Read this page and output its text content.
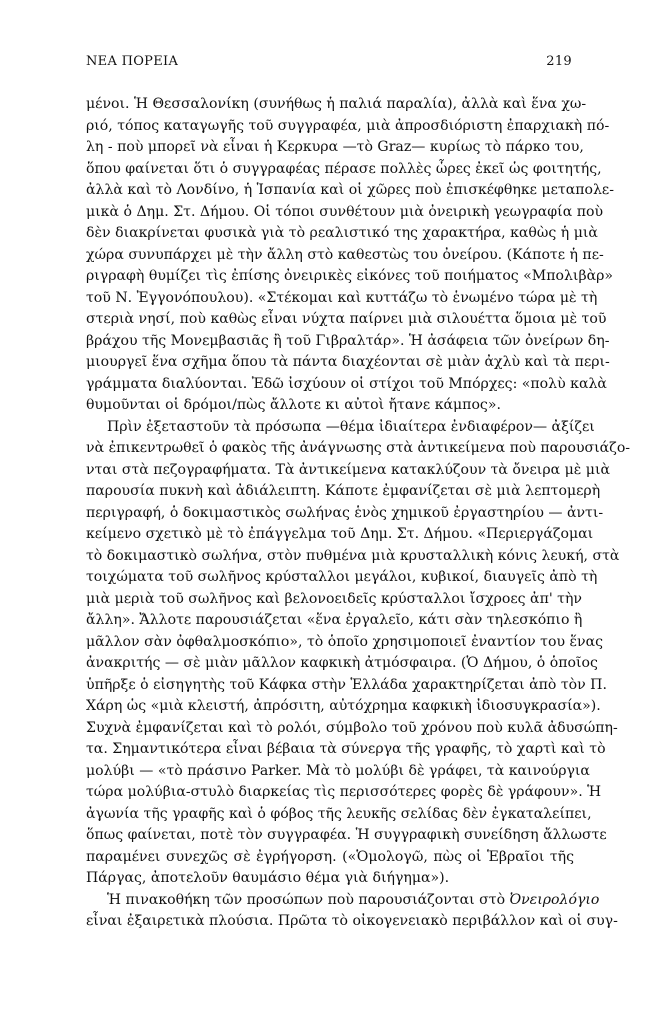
ΝΕΑ ΠΟΡΕΙΑ	219
μένοι. Ἡ Θεσσαλονίκη (συνήθως ἡ παλιά παραλία), ἀλλὰ καὶ ἕνα χω-
ριό, τόπος καταγωγῆς τοῦ συγγραφέα, μιὰ ἀπροσδιόριστη ἐπαρχιακὴ πό-
λη - ποὺ μπορεῖ νὰ εἶναι ἡ Κερκυρα —τὸ Graz— κυρίως τὸ πάρκο του,
ὅπου φαίνεται ὅτι ὁ συγγραφέας πέρασε πολλὲς ὧρες ἐκεῖ ὡς φοιτητής,
ἀλλὰ καὶ τὸ Λονδίνο, ἡ Ἱσπανία καὶ οἱ χῶρες ποὺ ἐπισκέφθηκε μεταπολε-
μικὰ ὁ Δημ. Στ. Δήμου. Οἱ τόποι συνθέτουν μιὰ ὀνειρικὴ γεωγραφία ποὺ
δὲν διακρίνεται φυσικὰ γιὰ τὸ ρεαλιστικό της χαρακτήρα, καθὼς ἡ μιὰ
χώρα συνυπάρχει μὲ τὴν ἄλλη στὸ καθεστὼς του ὀνείρου. (Κάποτε ἡ πε-
ριγραφὴ θυμίζει τὶς ἐπίσης ὀνειρικὲς εἰκόνες τοῦ ποιήματος «Μπολιβὰρ»
τοῦ Ν. Ἐγγονόπουλου). «Στέκομαι καὶ κυττάζω τὸ ἑνωμένο τώρα μὲ τὴ
στεριὰ νησί, ποὺ καθὼς εἶναι νύχτα παίρνει μιὰ σιλουέττα ὅμοια μὲ τοῦ
βράχου τῆς Μονεμβασιᾶς ἢ τοῦ Γιβραλτάρ». Ἡ ἀσάφεια τῶν ὀνείρων δη-
μιουργεῖ ἕνα σχῆμα ὅπου τὰ πάντα διαχέονται σὲ μιὰν ἀχλὺ καὶ τὰ περι-
γράμματα διαλύονται. Ἐδῶ ἰσχύουν οἱ στίχοι τοῦ Μπόρχες: «πολὺ καλὰ
θυμοῦνται οἱ δρόμοι/πὼς ἄλλοτε κι αὐτοὶ ἤτανε κάμπος».
Πρὶν ἐξεταστοῦν τὰ πρόσωπα —θέμα ἰδιαίτερα ἐνδιαφέρον— ἀξίζει
νὰ ἐπικεντρωθεῖ ὁ φακὸς τῆς ἀνάγνωσης στὰ ἀντικείμενα ποὺ παρουσιάζο-
νται στὰ πεζογραφήματα. Τὰ ἀντικείμενα κατακλύζουν τὰ ὄνειρα μὲ μιὰ
παρουσία πυκνὴ καὶ ἀδιάλειπτη. Κάποτε ἐμφανίζεται σὲ μιὰ λεπτομερὴ
περιγραφή, ὁ δοκιμαστικὸς σωλήνας ἑνὸς χημικοῦ ἐργαστηρίου — ἀντι-
κείμενο σχετικὸ μὲ τὸ ἐπάγγελμα τοῦ Δημ. Στ. Δήμου. «Περιεργάζομαι
τὸ δοκιμαστικὸ σωλήνα, στὸν πυθμένα μιὰ κρυσταλλικὴ κόνις λευκή, στὰ
τοιχώματα τοῦ σωλῆνος κρύσταλλοι μεγάλοι, κυβικοί, διαυγεῖς ἀπὸ τὴ
μιὰ μεριὰ τοῦ σωλῆνος καὶ βελονοειδεῖς κρύσταλλοι ἴσχροες ἀπ' τὴν
ἄλλη». Ἄλλοτε παρουσιάζεται «ἕνα ἐργαλεῖο, κάτι σὰν τηλεσκόπιο ἢ
μᾶλλον σὰν ὀφθαλμοσκόπιο», τὸ ὁποῖο χρησιμοποιεῖ ἐναντίον του ἕνας
ἀνακριτής — σὲ μιὰν μᾶλλον καφκικὴ ἀτμόσφαιρα. (Ὁ Δήμου, ὁ ὁποῖος
ὑπῆρξε ὁ εἰσηγητὴς τοῦ Κάφκα στὴν Ἑλλάδα χαρακτηρίζεται ἀπὸ τὸν Π.
Χάρη ὡς «μιὰ κλειστή, ἀπρόσιτη, αὐτόχρημα καφκικὴ ἰδιοσυγκρασία»).
Συχνὰ ἐμφανίζεται καὶ τὸ ρολόι, σύμβολο τοῦ χρόνου ποὺ κυλᾶ ἀδυσώπη-
τα. Σημαντικότερα εἶναι βέβαια τὰ σύνεργα τῆς γραφῆς, τὸ χαρτὶ καὶ τὸ
μολύβι — «τὸ πράσινο Parker. Μὰ τὸ μολύβι δὲ γράφει, τὰ καινούργια
τώρα μολύβια-στυλὸ διαρκείας τὶς περισσότερες φορὲς δὲ γράφουν». Ἡ
ἀγωνία τῆς γραφῆς καὶ ὁ φόβος τῆς λευκῆς σελίδας δὲν ἐγκαταλείπει,
ὅπως φαίνεται, ποτὲ τὸν συγγραφέα. Ἡ συγγραφικὴ συνείδηση ἄλλωστε
παραμένει συνεχῶς σὲ ἐγρήγορση. («Ὁμολογῶ, πὼς οἱ Ἑβραῖοι τῆς
Πάργας, ἀποτελοῦν θαυμάσιο θέμα γιὰ διήγημα»).
Ἡ πινακοθήκη τῶν προσώπων ποὺ παρουσιάζονται στὸ Ὀνειρολόγιο
εἶναι ἐξαιρετικὰ πλούσια. Πρῶτα τὸ οἰκογενειακὸ περιβάλλον καὶ οἱ συγ-
